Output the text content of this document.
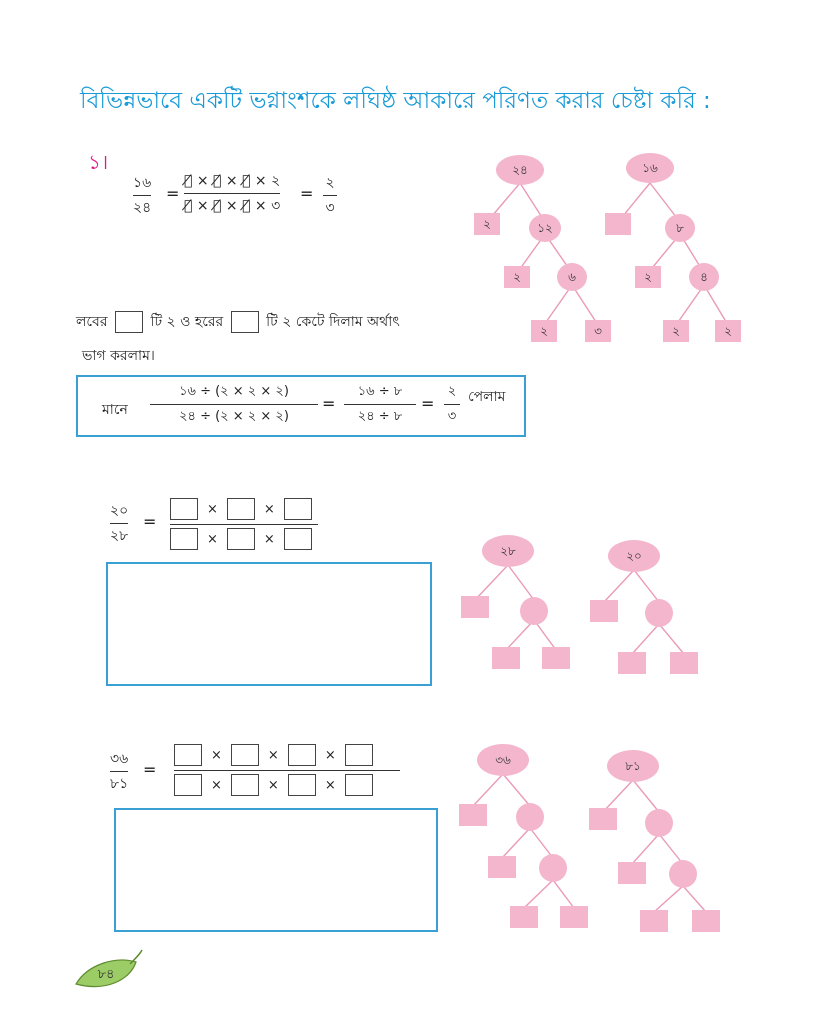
বিভিন্নভাবে একটি ভগ্নাংশকে লঘিষ্ঠ আকারে পরিণত করার চেষ্টা করি :
১।
১৬
২৪
=
২̸ × ২̸ × ২̸ × ২
২̸ × ২̸ × ২̸ × ৩
=
২
৩
লবের	টি ২ ও হরের	টি ২ কেটে দিলাম অর্থাৎ
ভাগ করলাম।
মানে
১৬ ÷ (২ × ২ × ২)
২৪ ÷ (২ × ২ × ২)
=
১৬ ÷ ৮
২৪ ÷ ৮
=
২
৩
পেলাম
২০
২৮
=
×	×
×	×
৩৬
৮১
=
×	×	×
×	×	×
২৪
২	১২
২	৬
২	৩
১৬
৮
২	৪
২	২
২৮	২০
৩৬	৮১
৮৪
